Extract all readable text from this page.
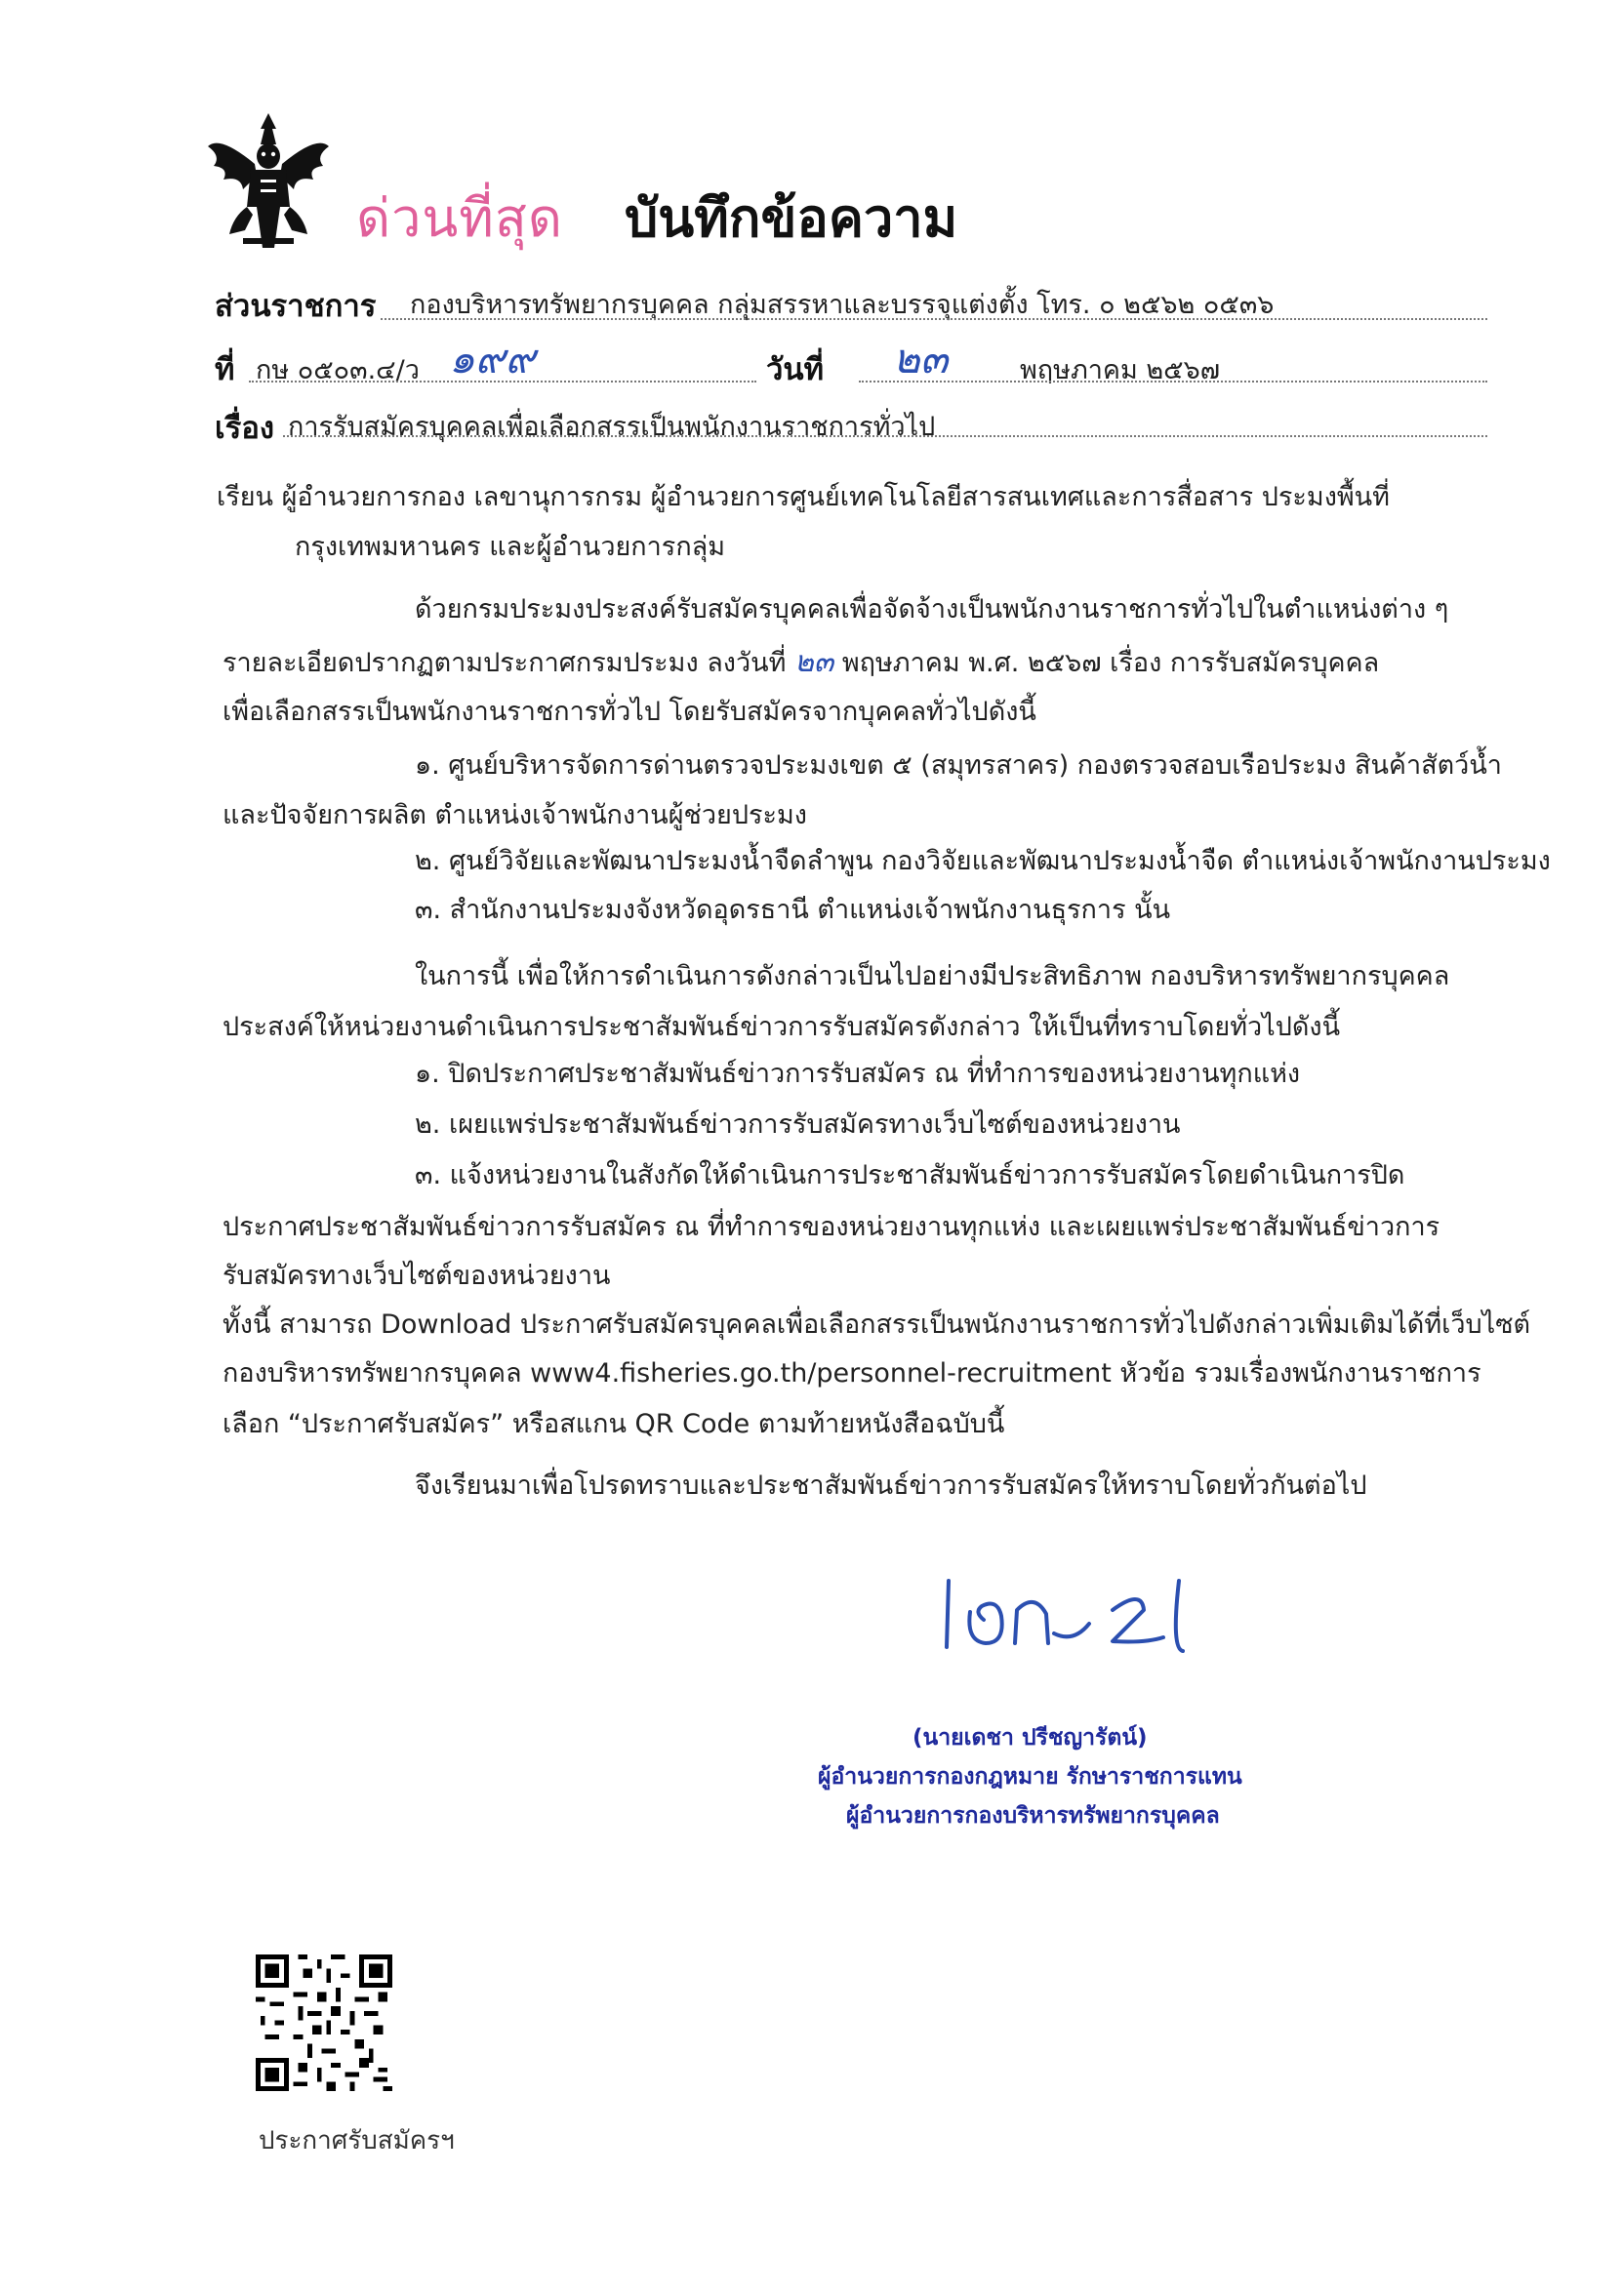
ด่วนที่สุด บันทึกข้อความ
ส่วนราชการ กองบริหารทรัพยากรบุคคล กลุ่มสรรหาและบรรจุแต่งตั้ง โทร. ๐ ๒๕๖๒ ๐๕๓๖
ที่ กษ ๐๕๐๓.๔/ว ๑๙๙	วันที่ ๒๓	พฤษภาคม ๒๕๖๗
เรื่อง การรับสมัครบุคคลเพื่อเลือกสรรเป็นพนักงานราชการทั่วไป
เรียน ผู้อำนวยการกอง เลขานุการกรม ผู้อำนวยการศูนย์เทคโนโลยีสารสนเทศและการสื่อสาร ประมงพื้นที่
กรุงเทพมหานคร และผู้อำนวยการกลุ่ม
ด้วยกรมประมงประสงค์รับสมัครบุคคลเพื่อจัดจ้างเป็นพนักงานราชการทั่วไปในตำแหน่งต่าง ๆ
รายละเอียดปรากฏตามประกาศกรมประมง ลงวันที่ ๒๓ พฤษภาคม พ.ศ. ๒๕๖๗ เรื่อง การรับสมัครบุคคล
เพื่อเลือกสรรเป็นพนักงานราชการทั่วไป โดยรับสมัครจากบุคคลทั่วไปดังนี้
๑. ศูนย์บริหารจัดการด่านตรวจประมงเขต ๕ (สมุทรสาคร) กองตรวจสอบเรือประมง สินค้าสัตว์น้ำ
และปัจจัยการผลิต ตำแหน่งเจ้าพนักงานผู้ช่วยประมง
๒. ศูนย์วิจัยและพัฒนาประมงน้ำจืดลำพูน กองวิจัยและพัฒนาประมงน้ำจืด ตำแหน่งเจ้าพนักงานประมง
๓. สำนักงานประมงจังหวัดอุดรธานี ตำแหน่งเจ้าพนักงานธุรการ นั้น
ในการนี้ เพื่อให้การดำเนินการดังกล่าวเป็นไปอย่างมีประสิทธิภาพ กองบริหารทรัพยากรบุคคล
ประสงค์ให้หน่วยงานดำเนินการประชาสัมพันธ์ข่าวการรับสมัครดังกล่าว ให้เป็นที่ทราบโดยทั่วไปดังนี้
๑. ปิดประกาศประชาสัมพันธ์ข่าวการรับสมัคร ณ ที่ทำการของหน่วยงานทุกแห่ง
๒. เผยแพร่ประชาสัมพันธ์ข่าวการรับสมัครทางเว็บไซต์ของหน่วยงาน
๓. แจ้งหน่วยงานในสังกัดให้ดำเนินการประชาสัมพันธ์ข่าวการรับสมัครโดยดำเนินการปิด
ประกาศประชาสัมพันธ์ข่าวการรับสมัคร ณ ที่ทำการของหน่วยงานทุกแห่ง และเผยแพร่ประชาสัมพันธ์ข่าวการ
รับสมัครทางเว็บไซต์ของหน่วยงาน
ทั้งนี้ สามารถ Download ประกาศรับสมัครบุคคลเพื่อเลือกสรรเป็นพนักงานราชการทั่วไปดังกล่าวเพิ่มเติมได้ที่เว็บไซต์
กองบริหารทรัพยากรบุคคล www4.fisheries.go.th/personnel-recruitment หัวข้อ รวมเรื่องพนักงานราชการ
เลือก “ประกาศรับสมัคร” หรือสแกน QR Code ตามท้ายหนังสือฉบับนี้
จึงเรียนมาเพื่อโปรดทราบและประชาสัมพันธ์ข่าวการรับสมัครให้ทราบโดยทั่วกันต่อไป
(นายเดชา ปรีชญารัตน์)
ผู้อำนวยการกองกฎหมาย รักษาราชการแทน
ผู้อำนวยการกองบริหารทรัพยากรบุคคล
ประกาศรับสมัครฯ
